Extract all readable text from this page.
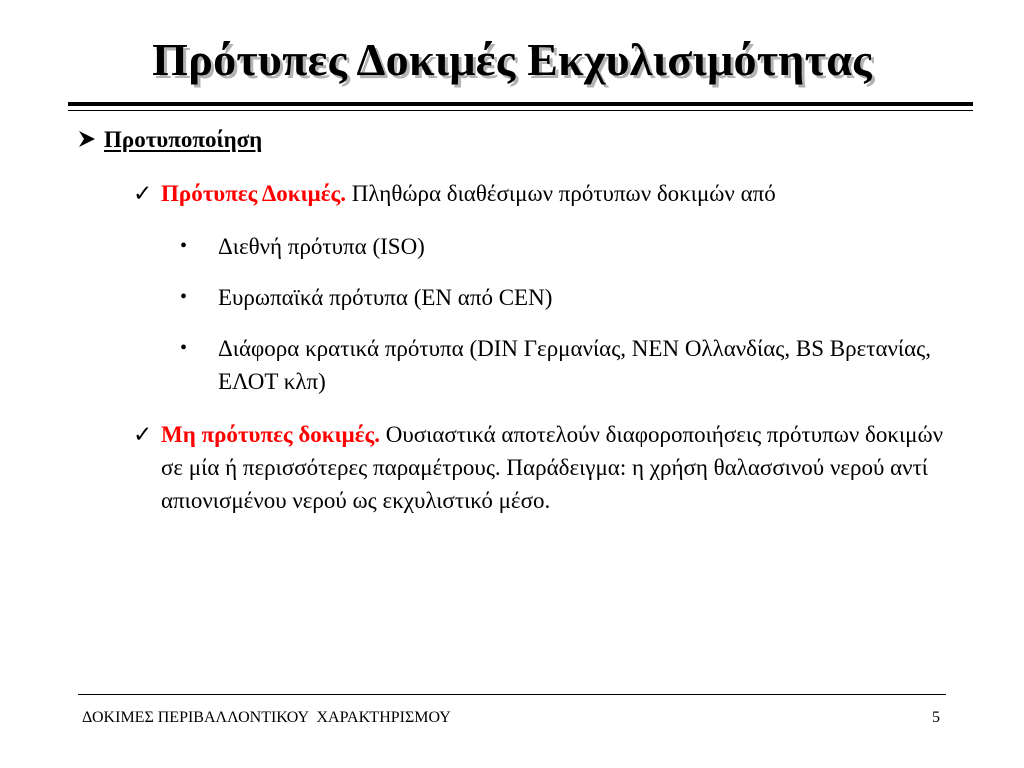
Πρότυπες Δοκιμές Εκχυλισιμότητας
Προτυποποίηση
✓ Πρότυπες Δοκιμές. Πληθώρα διαθέσιμων πρότυπων δοκιμών από
• Διεθνή πρότυπα (ISO)
• Ευρωπαϊκά πρότυπα (EN από CEN)
• Διάφορα κρατικά πρότυπα (DIN Γερμανίας, NEN Ολλανδίας, BS Βρετανίας, ΕΛΟΤ κλπ)
✓ Μη πρότυπες δοκιμές. Ουσιαστικά αποτελούν διαφοροποιήσεις πρότυπων δοκιμών σε μία ή περισσότερες παραμέτρους. Παράδειγμα: η χρήση θαλασσινού νερού αντί απιονισμένου νερού ως εκχυλιστικό μέσο.
ΔΟΚΙΜΕΣ ΠΕΡΙΒΑΛΛΟΝΤΙΚΟΥ  ΧΑΡΑΚΤΗΡΙΣΜΟΥ	5
